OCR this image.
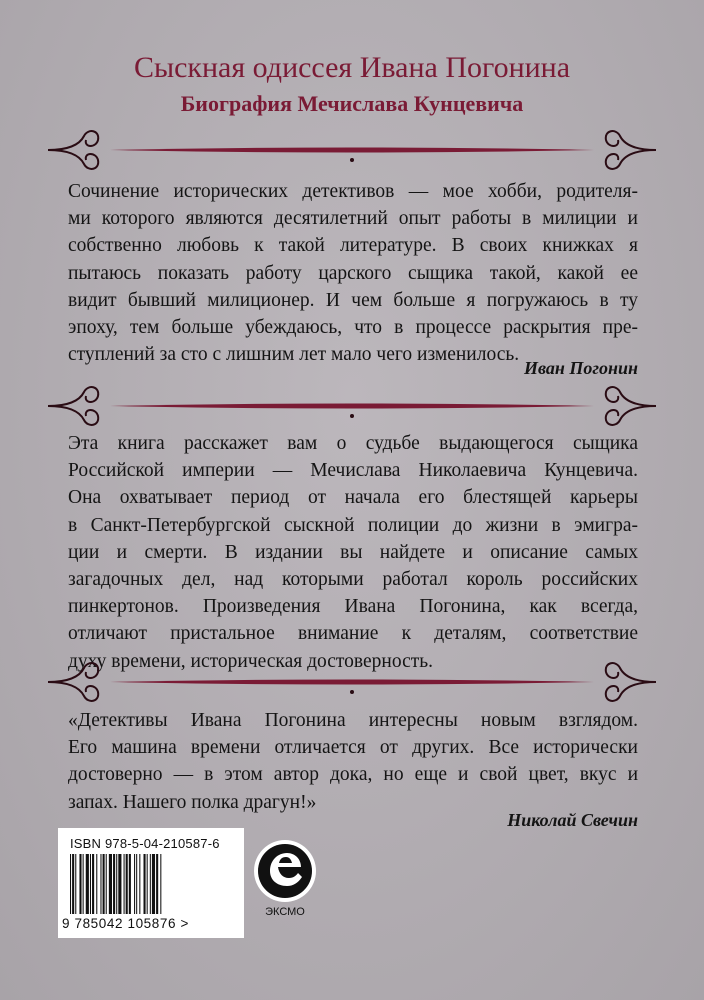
Сыскная одиссея Ивана Погонина
Биография Мечислава Кунцевича

Сочинение исторических детективов — мое хобби, родителя-
ми которого являются десятилетний опыт работы в милиции и
собственно любовь к такой литературе. В своих книжках я
пытаюсь показать работу царского сыщика такой, какой ее
видит бывший милиционер. И чем больше я погружаюсь в ту
эпоху, тем больше убеждаюсь, что в процессе раскрытия пре-
ступлений за сто с лишним лет мало чего изменилось.

Иван Погонин

Эта книга расскажет вам о судьбе выдающегося сыщика
Российской империи — Мечислава Николаевича Кунцевича.
Она охватывает период от начала его блестящей карьеры
в Санкт-Петербургской сыскной полиции до жизни в эмигра-
ции и смерти. В издании вы найдете и описание самых
загадочных дел, над которыми работал король российских
пинкертонов. Произведения Ивана Погонина, как всегда,
отличают пристальное внимание к деталям, соответствие
духу времени, историческая достоверность.

«Детективы Ивана Погонина интересны новым взглядом.
Его машина времени отличается от других. Все исторически
достоверно — в этом автор дока, но еще и свой цвет, вкус и
запах. Нашего полка драгун!»

Николай Свечин
ISBN 978-5-04-210587-6
9 785042 105876 >
ЭКСМО
